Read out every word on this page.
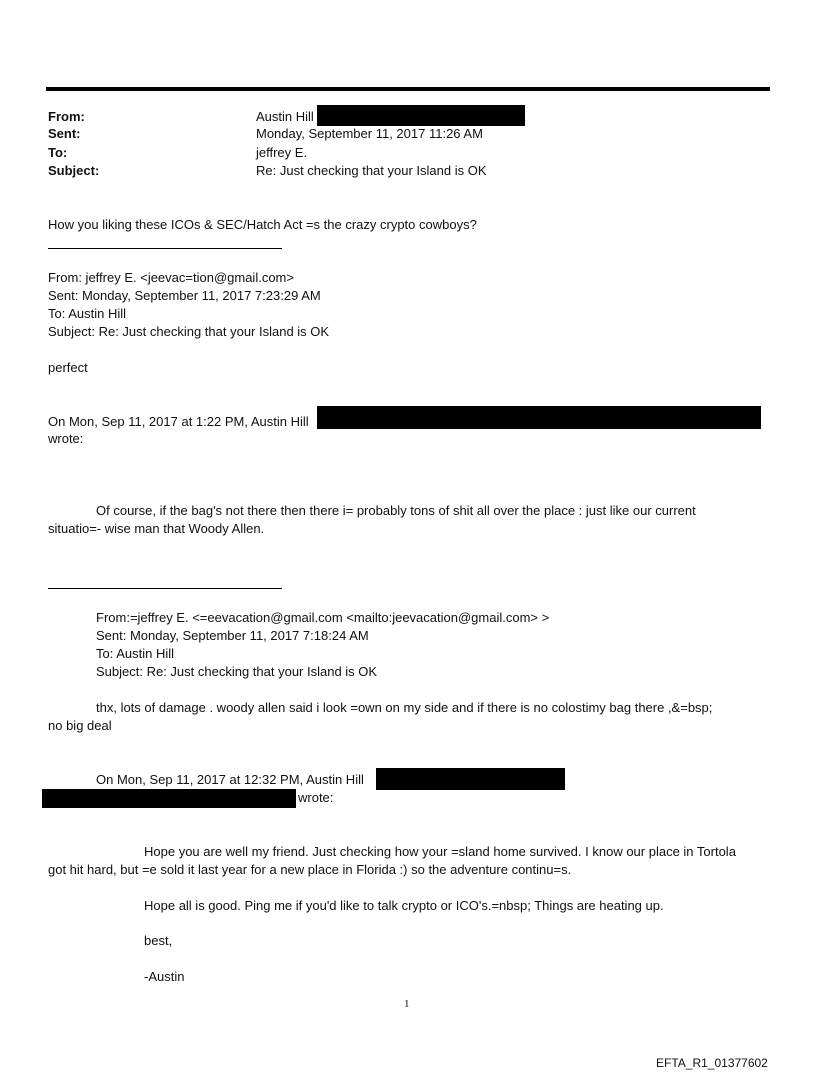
From:	Austin Hill
Sent:	Monday, September 11, 2017 11:26 AM
To:	jeffrey E.
Subject:	Re: Just checking that your Island is OK
How you liking these ICOs & SEC/Hatch Act =s the crazy crypto cowboys?
From: jeffrey E. <jeevac=tion@gmail.com>
Sent: Monday, September 11, 2017 7:23:29 AM
To: Austin Hill
Subject: Re: Just checking that your Island is OK
perfect
On Mon, Sep 11, 2017 at 1:22 PM, Austin Hill
wrote:
Of course, if the bag's not there then there i= probably tons of shit all over the place : just like our current
situatio=- wise man that Woody Allen.
From:=jeffrey E. <=eevacation@gmail.com <mailto:jeevacation@gmail.com> >
Sent: Monday, September 11, 2017 7:18:24 AM
To: Austin Hill
Subject: Re: Just checking that your Island is OK
thx, lots of damage . woody allen said i look =own on my side and if there is no colostimy bag there ,&=bsp;
no big deal
On Mon, Sep 11, 2017 at 12:32 PM, Austin Hill
wrote:
Hope you are well my friend. Just checking how your =sland home survived. I know our place in Tortola
got hit hard, but =e sold it last year for a new place in Florida :) so the adventure continu=s.
Hope all is good. Ping me if you'd like to talk crypto or ICO's.=nbsp; Things are heating up.
best,
-Austin
1
EFTA_R1_01377602
